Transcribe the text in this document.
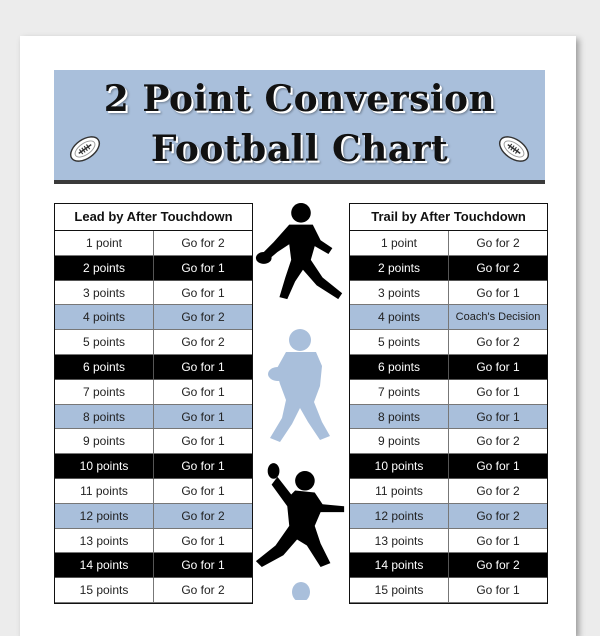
2 Point Conversion
Football Chart
Lead by After Touchdown
1 point	Go for 2
2 points	Go for 1
3 points	Go for 1
4 points	Go for 2
5 points	Go for 2
6 points	Go for 1
7 points	Go for 1
8 points	Go for 1
9 points	Go for 1
10 points	Go for 1
11 points	Go for 1
12 points	Go for 2
13 points	Go for 1
14 points	Go for 1
15 points	Go for 2
Trail by After Touchdown
1 point	Go for 2
2 points	Go for 2
3 points	Go for 1
4 points	Coach's Decision
5 points	Go for 2
6 points	Go for 1
7 points	Go for 1
8 points	Go for 1
9 points	Go for 2
10 points	Go for 1
11 points	Go for 2
12 points	Go for 2
13 points	Go for 1
14 points	Go for 2
15 points	Go for 1
